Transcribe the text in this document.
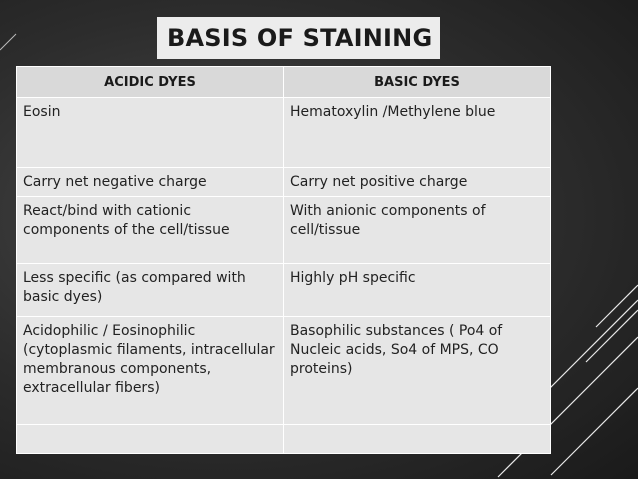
BASIS OF STAINING
ACIDIC DYES	BASIC DYES
Eosin	Hematoxylin /Methylene blue
Carry net negative charge	Carry net positive charge
React/bind with cationic components of the cell/tissue	With anionic components of cell/tissue
Less specific (as compared with basic dyes)	Highly pH specific
Acidophilic / Eosinophilic (cytoplasmic filaments, intracellular membranous components, extracellular fibers)	Basophilic substances ( Po4 of Nucleic acids, So4 of MPS, CO proteins)
